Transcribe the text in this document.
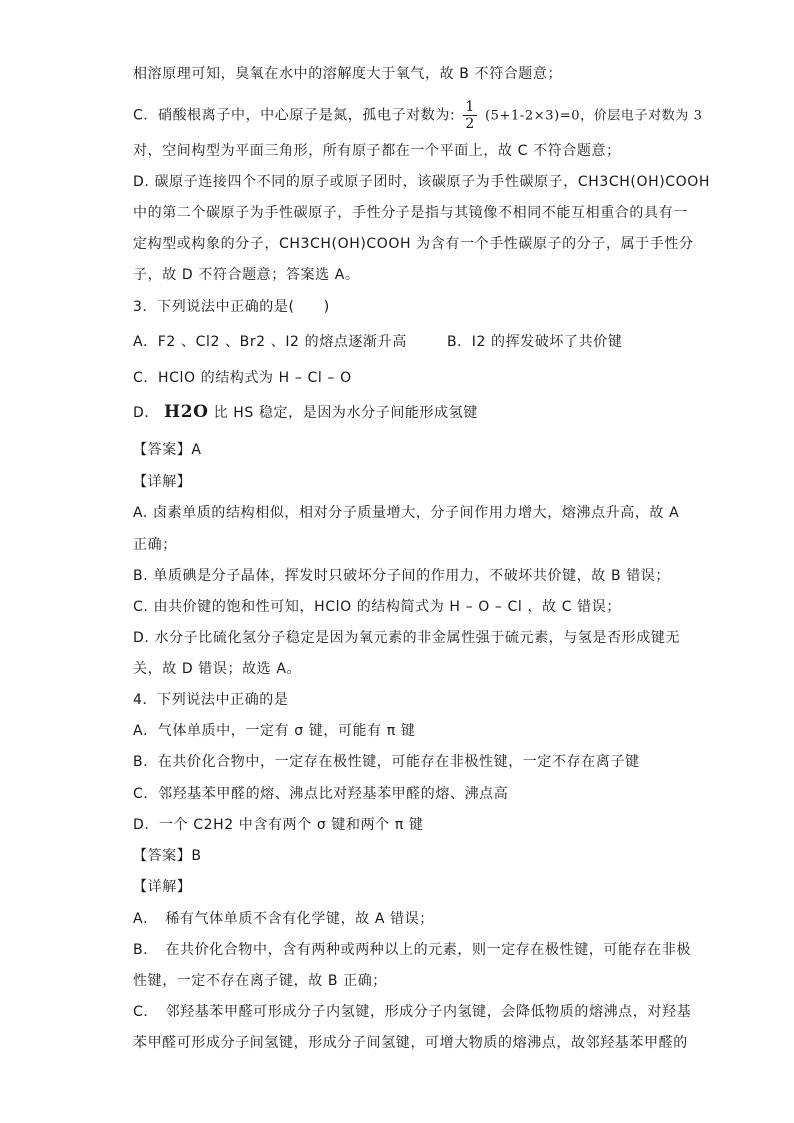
相溶原理可知，臭氧在水中的溶解度大于氧气，故 B 不符合题意；
C．硝酸根离子中，中心原子是氮，孤电子对数为: $\frac{1}{2} (5+1-2\times 3)=0$，价层电子对数为 3
对，空间构型为平面三角形，所有原子都在一个平面上，故 C 不符合题意；
D. 碳原子连接四个不同的原子或原子团时，该碳原子为手性碳原子，CH3CH(OH)COOH
中的第二个碳原子为手性碳原子，手性分子是指与其镜像不相同不能互相重合的具有一
定构型或构象的分子，CH3CH(OH)COOH 为含有一个手性碳原子的分子，属于手性分
子，故 D 不符合题意；答案选 A。
3．下列说法中正确的是(　　)
A．F2 、Cl2 、Br2 、I2 的熔点逐渐升高	B．I2 的挥发破坏了共价键
C．HClO 的结构式为 H – Cl – O
D． H2O 比 HS 稳定，是因为水分子间能形成氢键
【答案】A
【详解】
A. 卤素单质的结构相似，相对分子质量增大，分子间作用力增大，熔沸点升高，故 A
正确；
B. 单质碘是分子晶体，挥发时只破坏分子间的作用力，不破坏共价键，故 B 错误；
C. 由共价键的饱和性可知，HClO 的结构简式为 H – O – Cl ，故 C 错误；
D. 水分子比硫化氢分子稳定是因为氧元素的非金属性强于硫元素，与氢是否形成键无
关，故 D 错误；故选 A。
4．下列说法中正确的是
A．气体单质中，一定有 σ 键，可能有 π 键
B．在共价化合物中，一定存在极性键，可能存在非极性键，一定不存在离子键
C．邻羟基苯甲醛的熔、沸点比对羟基苯甲醛的熔、沸点高
D．一个 C2H2 中含有两个 σ 键和两个 π 键
【答案】B
【详解】
A．　稀有气体单质不含有化学键，故 A 错误；
B．　在共价化合物中，含有两种或两种以上的元素，则一定存在极性键，可能存在非极
性键，一定不存在离子键，故 B 正确；
C．　邻羟基苯甲醛可形成分子内氢键，形成分子内氢键，会降低物质的熔沸点，对羟基
苯甲醛可形成分子间氢键，形成分子间氢键，可增大物质的熔沸点，故邻羟基苯甲醛的
